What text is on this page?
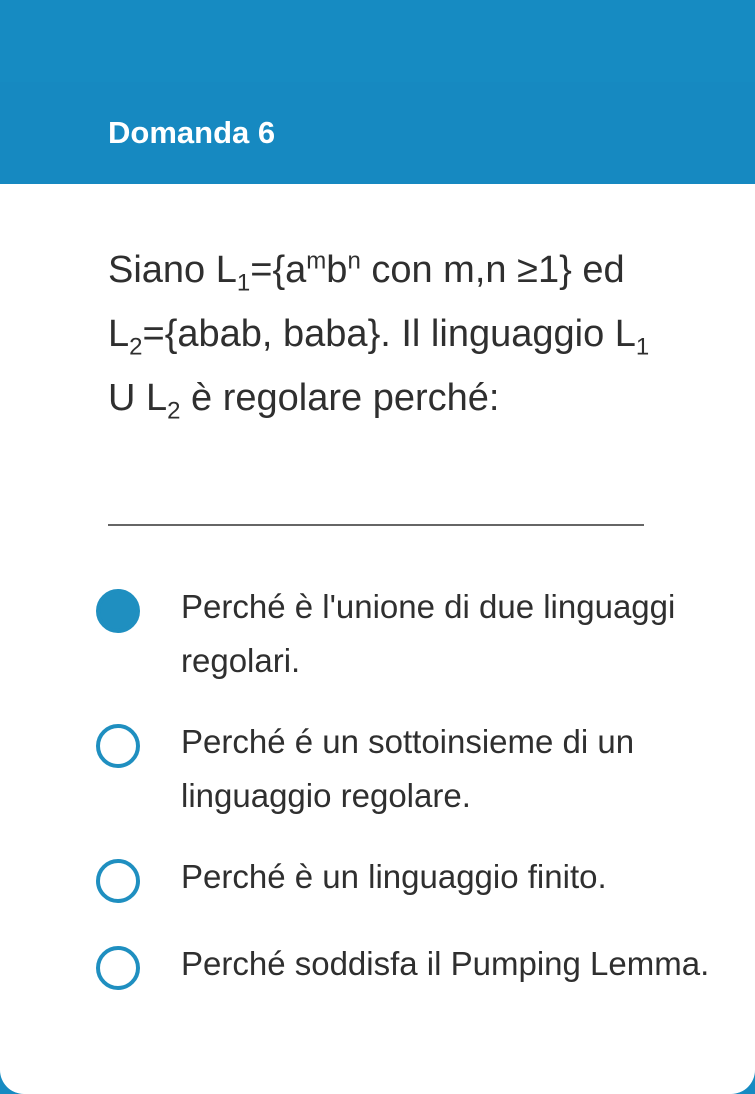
Domanda 6
Siano $L_1=\{a^mb^n$ con m,n ≥1} ed $L_2=\{abab$, baba}. Il linguaggio $L_1$ U $L_2$ è regolare perché:
Perché è l'unione di due linguaggi regolari.
Perché é un sottoinsieme di un linguaggio regolare.
Perché è un linguaggio finito.
Perché soddisfa il Pumping Lemma.
